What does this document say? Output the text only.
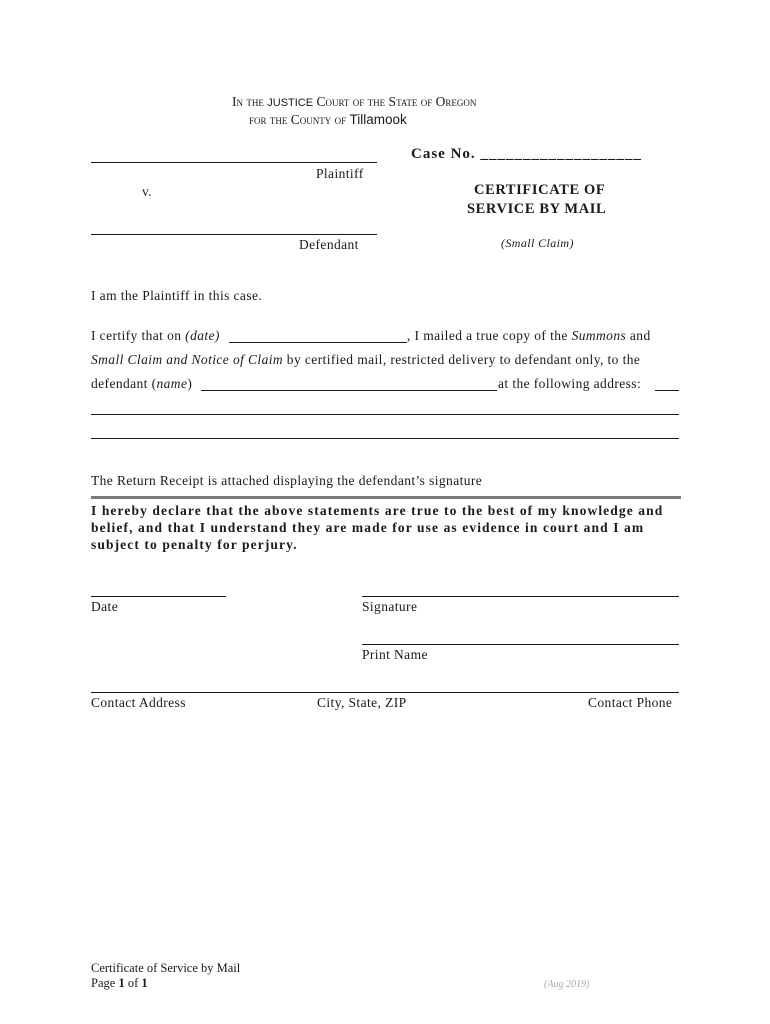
In the JUSTICE Court of the State of Oregon
for the County of Tillamook
Plaintiff
v.
Defendant
Case No. ___________________
CERTIFICATE OF
SERVICE BY MAIL
(Small Claim)
I am the Plaintiff in this case.
I certify that on (date)	, I mailed a true copy of the Summons and
Small Claim and Notice of Claim by certified mail, restricted delivery to defendant only, to the
defendant (name)	at the following address:
The Return Receipt is attached displaying the defendant’s signature
I hereby declare that the above statements are true to the best of my knowledge and belief, and that I understand they are made for use as evidence in court and I am subject to penalty for perjury.
Date	Signature
Print Name
Contact Address	City, State, ZIP	Contact Phone
Certificate of Service by Mail
Page 1 of 1	(Aug 2019)
